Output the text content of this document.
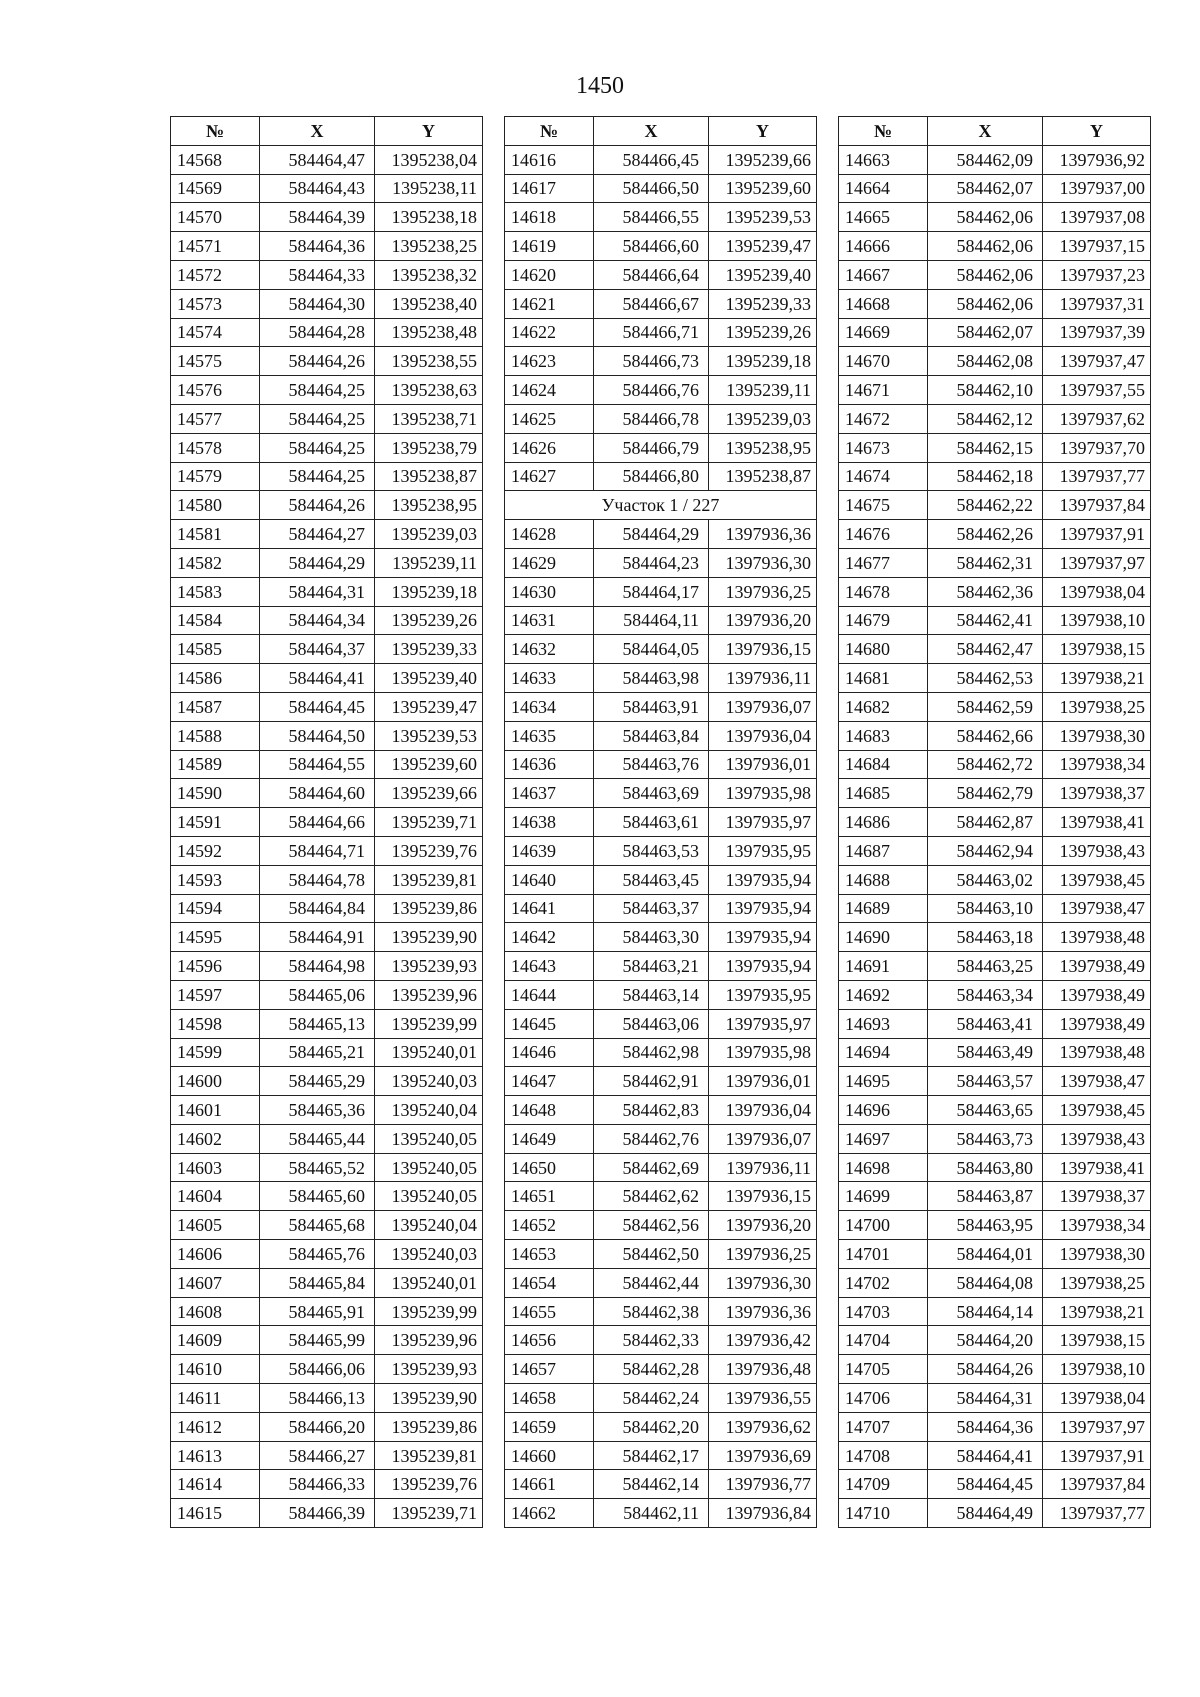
1450
№	X	Y
14568	584464,47	1395238,04
14569	584464,43	1395238,11
14570	584464,39	1395238,18
14571	584464,36	1395238,25
14572	584464,33	1395238,32
14573	584464,30	1395238,40
14574	584464,28	1395238,48
14575	584464,26	1395238,55
14576	584464,25	1395238,63
14577	584464,25	1395238,71
14578	584464,25	1395238,79
14579	584464,25	1395238,87
14580	584464,26	1395238,95
14581	584464,27	1395239,03
14582	584464,29	1395239,11
14583	584464,31	1395239,18
14584	584464,34	1395239,26
14585	584464,37	1395239,33
14586	584464,41	1395239,40
14587	584464,45	1395239,47
14588	584464,50	1395239,53
14589	584464,55	1395239,60
14590	584464,60	1395239,66
14591	584464,66	1395239,71
14592	584464,71	1395239,76
14593	584464,78	1395239,81
14594	584464,84	1395239,86
14595	584464,91	1395239,90
14596	584464,98	1395239,93
14597	584465,06	1395239,96
14598	584465,13	1395239,99
14599	584465,21	1395240,01
14600	584465,29	1395240,03
14601	584465,36	1395240,04
14602	584465,44	1395240,05
14603	584465,52	1395240,05
14604	584465,60	1395240,05
14605	584465,68	1395240,04
14606	584465,76	1395240,03
14607	584465,84	1395240,01
14608	584465,91	1395239,99
14609	584465,99	1395239,96
14610	584466,06	1395239,93
14611	584466,13	1395239,90
14612	584466,20	1395239,86
14613	584466,27	1395239,81
14614	584466,33	1395239,76
14615	584466,39	1395239,71
№	X	Y
14616	584466,45	1395239,66
14617	584466,50	1395239,60
14618	584466,55	1395239,53
14619	584466,60	1395239,47
14620	584466,64	1395239,40
14621	584466,67	1395239,33
14622	584466,71	1395239,26
14623	584466,73	1395239,18
14624	584466,76	1395239,11
14625	584466,78	1395239,03
14626	584466,79	1395238,95
14627	584466,80	1395238,87
Участок 1 / 227		
14628	584464,29	1397936,36
14629	584464,23	1397936,30
14630	584464,17	1397936,25
14631	584464,11	1397936,20
14632	584464,05	1397936,15
14633	584463,98	1397936,11
14634	584463,91	1397936,07
14635	584463,84	1397936,04
14636	584463,76	1397936,01
14637	584463,69	1397935,98
14638	584463,61	1397935,97
14639	584463,53	1397935,95
14640	584463,45	1397935,94
14641	584463,37	1397935,94
14642	584463,30	1397935,94
14643	584463,21	1397935,94
14644	584463,14	1397935,95
14645	584463,06	1397935,97
14646	584462,98	1397935,98
14647	584462,91	1397936,01
14648	584462,83	1397936,04
14649	584462,76	1397936,07
14650	584462,69	1397936,11
14651	584462,62	1397936,15
14652	584462,56	1397936,20
14653	584462,50	1397936,25
14654	584462,44	1397936,30
14655	584462,38	1397936,36
14656	584462,33	1397936,42
14657	584462,28	1397936,48
14658	584462,24	1397936,55
14659	584462,20	1397936,62
14660	584462,17	1397936,69
14661	584462,14	1397936,77
14662	584462,11	1397936,84
№	X	Y
14663	584462,09	1397936,92
14664	584462,07	1397937,00
14665	584462,06	1397937,08
14666	584462,06	1397937,15
14667	584462,06	1397937,23
14668	584462,06	1397937,31
14669	584462,07	1397937,39
14670	584462,08	1397937,47
14671	584462,10	1397937,55
14672	584462,12	1397937,62
14673	584462,15	1397937,70
14674	584462,18	1397937,77
14675	584462,22	1397937,84
14676	584462,26	1397937,91
14677	584462,31	1397937,97
14678	584462,36	1397938,04
14679	584462,41	1397938,10
14680	584462,47	1397938,15
14681	584462,53	1397938,21
14682	584462,59	1397938,25
14683	584462,66	1397938,30
14684	584462,72	1397938,34
14685	584462,79	1397938,37
14686	584462,87	1397938,41
14687	584462,94	1397938,43
14688	584463,02	1397938,45
14689	584463,10	1397938,47
14690	584463,18	1397938,48
14691	584463,25	1397938,49
14692	584463,34	1397938,49
14693	584463,41	1397938,49
14694	584463,49	1397938,48
14695	584463,57	1397938,47
14696	584463,65	1397938,45
14697	584463,73	1397938,43
14698	584463,80	1397938,41
14699	584463,87	1397938,37
14700	584463,95	1397938,34
14701	584464,01	1397938,30
14702	584464,08	1397938,25
14703	584464,14	1397938,21
14704	584464,20	1397938,15
14705	584464,26	1397938,10
14706	584464,31	1397938,04
14707	584464,36	1397937,97
14708	584464,41	1397937,91
14709	584464,45	1397937,84
14710	584464,49	1397937,77
